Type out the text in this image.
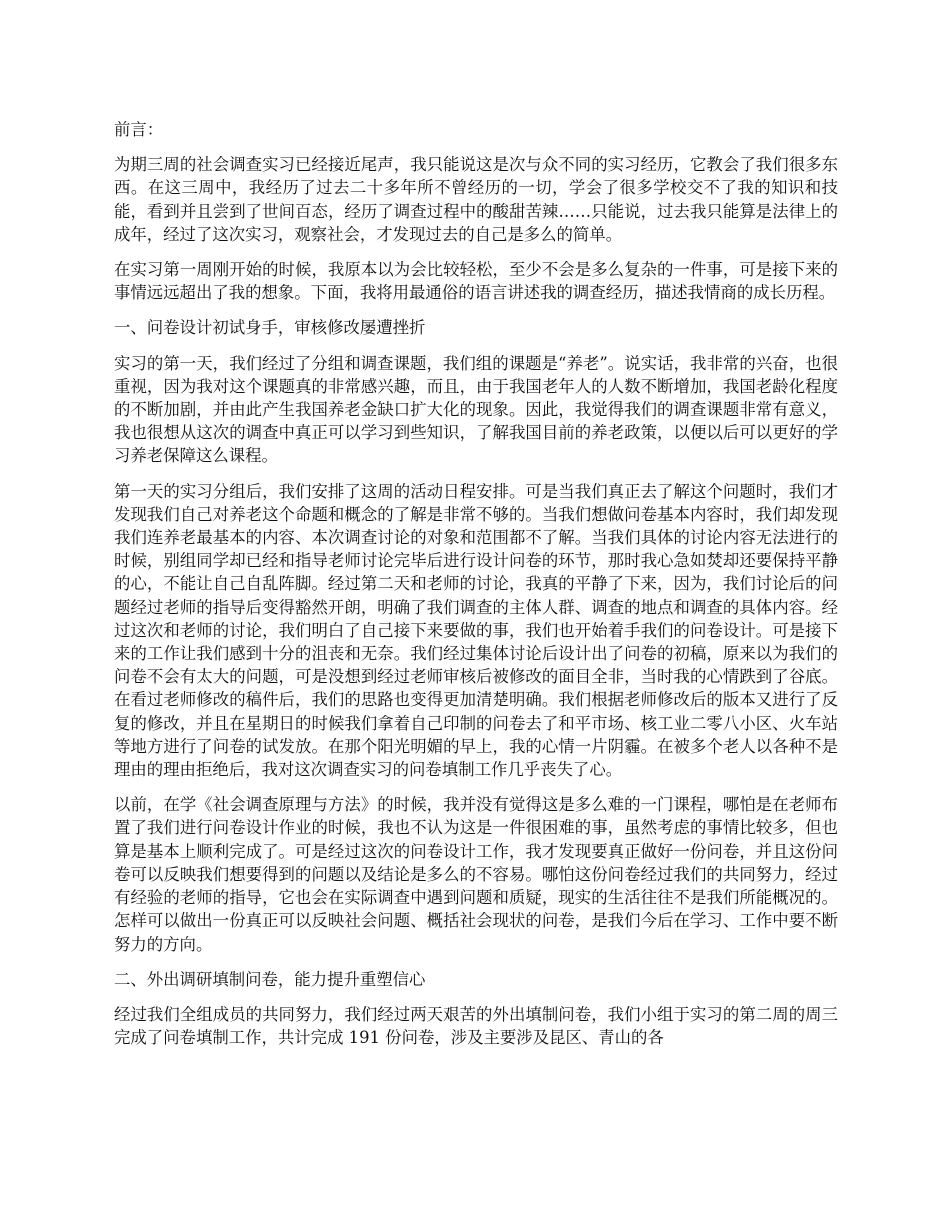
前言：

为期三周的社会调查实习已经接近尾声，我只能说这是次与众不同的实习经历，它教会了我们很多东西。在这三周中，我经历了过去二十多年所不曾经历的一切，学会了很多学校交不了我的知识和技能，看到并且尝到了世间百态，经历了调查过程中的酸甜苦辣……只能说，过去我只能算是法律上的成年，经过了这次实习，观察社会，才发现过去的自己是多么的简单。

在实习第一周刚开始的时候，我原本以为会比较轻松，至少不会是多么复杂的一件事，可是接下来的事情远远超出了我的想象。下面，我将用最通俗的语言讲述我的调查经历，描述我情商的成长历程。

一、问卷设计初试身手，审核修改屡遭挫折

实习的第一天，我们经过了分组和调查课题，我们组的课题是“养老”。说实话，我非常的兴奋，也很重视，因为我对这个课题真的非常感兴趣，而且，由于我国老年人的人数不断增加，我国老龄化程度的不断加剧，并由此产生我国养老金缺口扩大化的现象。因此，我觉得我们的调查课题非常有意义，我也很想从这次的调查中真正可以学习到些知识，了解我国目前的养老政策，以便以后可以更好的学习养老保障这么课程。

第一天的实习分组后，我们安排了这周的活动日程安排。可是当我们真正去了解这个问题时，我们才发现我们自己对养老这个命题和概念的了解是非常不够的。当我们想做问卷基本内容时，我们却发现我们连养老最基本的内容、本次调查讨论的对象和范围都不了解。当我们具体的讨论内容无法进行的时候，别组同学却已经和指导老师讨论完毕后进行设计问卷的环节，那时我心急如焚却还要保持平静的心，不能让自己自乱阵脚。经过第二天和老师的讨论，我真的平静了下来，因为，我们讨论后的问题经过老师的指导后变得豁然开朗，明确了我们调查的主体人群、调查的地点和调查的具体内容。经过这次和老师的讨论，我们明白了自己接下来要做的事，我们也开始着手我们的问卷设计。可是接下来的工作让我们感到十分的沮丧和无奈。我们经过集体讨论后设计出了问卷的初稿，原来以为我们的问卷不会有太大的问题，可是没想到经过老师审核后被修改的面目全非，当时我的心情跌到了谷底。在看过老师修改的稿件后，我们的思路也变得更加清楚明确。我们根据老师修改后的版本又进行了反复的修改，并且在星期日的时候我们拿着自己印制的问卷去了和平市场、核工业二零八小区、火车站等地方进行了问卷的试发放。在那个阳光明媚的早上，我的心情一片阴霾。在被多个老人以各种不是理由的理由拒绝后，我对这次调查实习的问卷填制工作几乎丧失了心。

以前，在学《社会调查原理与方法》的时候，我并没有觉得这是多么难的一门课程，哪怕是在老师布置了我们进行问卷设计作业的时候，我也不认为这是一件很困难的事，虽然考虑的事情比较多，但也算是基本上顺利完成了。可是经过这次的问卷设计工作，我才发现要真正做好一份问卷，并且这份问卷可以反映我们想要得到的问题以及结论是多么的不容易。哪怕这份问卷经过我们的共同努力，经过有经验的老师的指导，它也会在实际调查中遇到问题和质疑，现实的生活往往不是我们所能概况的。怎样可以做出一份真正可以反映社会问题、概括社会现状的问卷，是我们今后在学习、工作中要不断努力的方向。

二、外出调研填制问卷，能力提升重塑信心

经过我们全组成员的共同努力，我们经过两天艰苦的外出填制问卷，我们小组于实习的第二周的周三完成了问卷填制工作，共计完成 191 份问卷，涉及主要涉及昆区、青山的各
